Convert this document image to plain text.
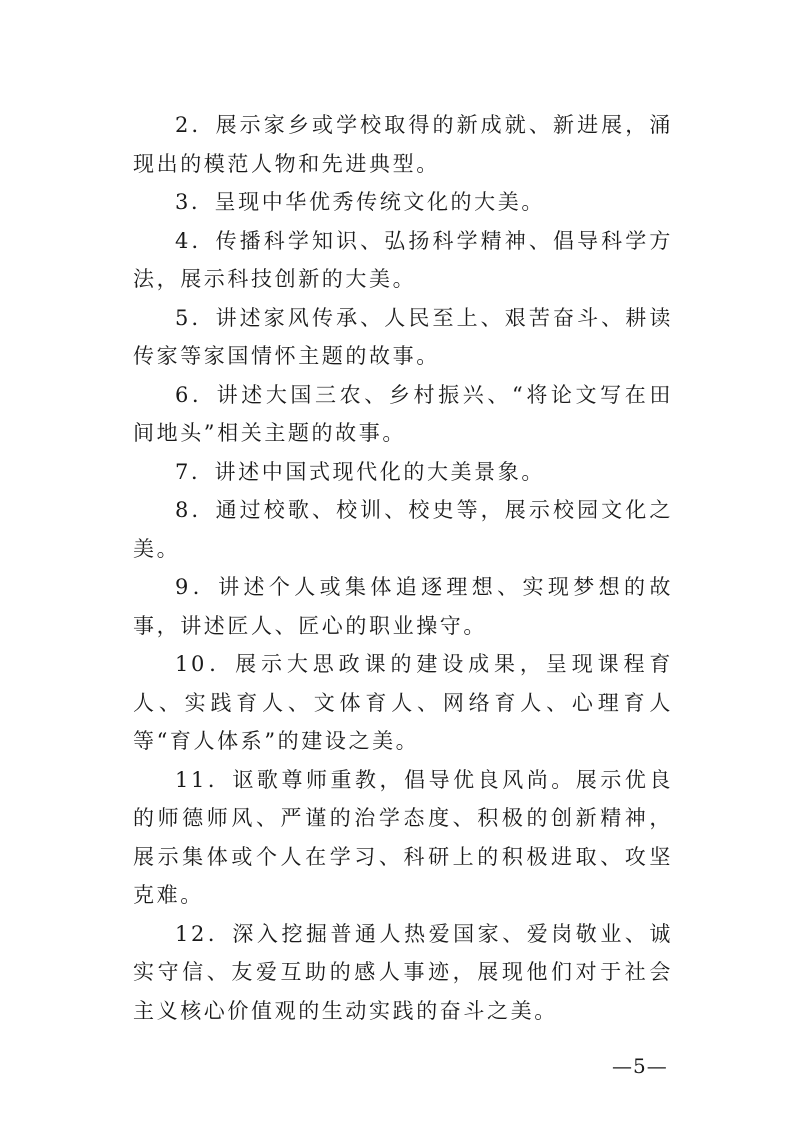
2．展示家乡或学校取得的新成就、新进展，涌现出的模范人物和先进典型。

3．呈现中华优秀传统文化的大美。

4．传播科学知识、弘扬科学精神、倡导科学方法，展示科技创新的大美。

5．讲述家风传承、人民至上、艰苦奋斗、耕读传家等家国情怀主题的故事。

6．讲述大国三农、乡村振兴、“将论文写在田间地头”相关主题的故事。

7．讲述中国式现代化的大美景象。

8．通过校歌、校训、校史等，展示校园文化之美。

9．讲述个人或集体追逐理想、实现梦想的故事，讲述匠人、匠心的职业操守。

10．展示大思政课的建设成果，呈现课程育人、实践育人、文体育人、网络育人、心理育人等“育人体系”的建设之美。

11．讴歌尊师重教，倡导优良风尚。展示优良的师德师风、严谨的治学态度、积极的创新精神，展示集体或个人在学习、科研上的积极进取、攻坚克难。

12．深入挖掘普通人热爱国家、爱岗敬业、诚实守信、友爱互助的感人事迹，展现他们对于社会主义核心价值观的生动实践的奋斗之美。

—5—
